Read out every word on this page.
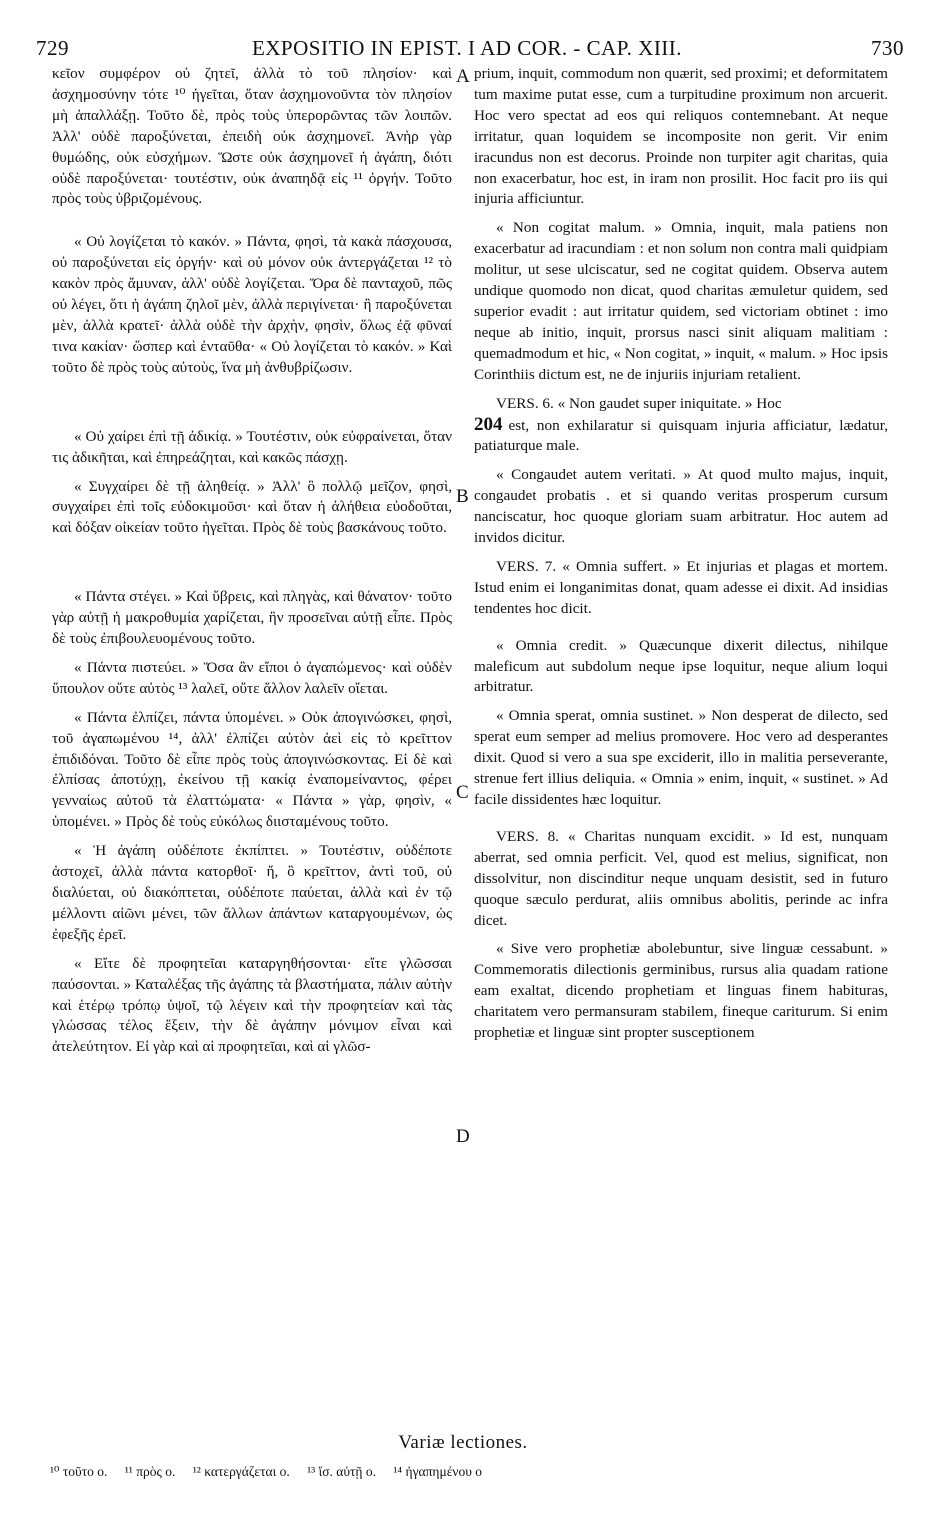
729	EXPOSITIO IN EPIST. I AD COR. - CAP. XIII.	730

κεῖον συμφέρον οὐ ζητεῖ, ἀλλὰ τὸ τοῦ πλησίον· καὶ ἀσχημοσύνην τότε ¹⁰ ἡγεῖται, ὅταν ἀσχημονοῦντα τὸν πλησίον μὴ ἀπαλλάξῃ. Τοῦτο δὲ, πρὸς τοὺς ὑπερορῶντας τῶν λοιπῶν. Ἀλλ' οὐδὲ παροξύνεται, ἐπειδὴ οὐκ ἀσχημονεῖ. Ἀνὴρ γὰρ θυμώδης, οὐκ εὐσχήμων. Ὥστε οὐκ ἀσχημονεῖ ἡ ἀγάπη, διότι οὐδὲ παροξύνεται· τουτέστιν, οὐκ ἀναπηδᾷ εἰς ¹¹ ὀργήν. Τοῦτο πρὸς τοὺς ὑβριζομένους.

« Οὐ λογίζεται τὸ κακόν. » Πάντα, φησὶ, τὰ κακὰ πάσχουσα, οὐ παροξύνεται εἰς ὀργήν· καὶ οὐ μόνον οὐκ ἀντεργάζεται ¹² τὸ κακὸν πρὸς ἄμυναν, ἀλλ' οὐδὲ λογίζεται. Ὅρα δὲ πανταχοῦ, πῶς οὐ λέγει, ὅτι ἡ ἀγάπη ζηλοῖ μὲν, ἀλλὰ περιγίνεται· ἢ παροξύνεται μὲν, ἀλλὰ κρατεῖ· ἀλλὰ οὐδὲ τὴν ἀρχὴν, φησὶν, ὅλως ἐᾷ φῦναί τινα κακίαν· ὥσπερ καὶ ἐνταῦθα· « Οὐ λογίζεται τὸ κακόν. » Καὶ τοῦτο δὲ πρὸς τοὺς αὐτοὺς, ἵνα μὴ ἀνθυβρίζωσιν.

« Οὐ χαίρει ἐπὶ τῇ ἀδικίᾳ. » Τουτέστιν, οὐκ εὐφραίνεται, ὅταν τις ἀδικῆται, καὶ ἐπηρεάζηται, καὶ κακῶς πάσχῃ.

« Συγχαίρει δὲ τῇ ἀληθείᾳ. » Ἀλλ' ὃ πολλῷ μεῖζον, φησὶ, συγχαίρει ἐπὶ τοῖς εὐδοκιμοῦσι· καὶ ὅταν ἡ ἀλήθεια εὐοδοῦται, καὶ δόξαν οἰκείαν τοῦτο ἡγεῖται. Πρὸς δὲ τοὺς βασκάνους τοῦτο.

« Πάντα στέγει. » Καὶ ὕβρεις, καὶ πληγὰς, καὶ θάνατον· τοῦτο γὰρ αὐτῇ ἡ μακροθυμία χαρίζεται, ἣν προσεῖναι αὐτῇ εἶπε. Πρὸς δὲ τοὺς ἐπιβουλευομένους τοῦτο.

« Πάντα πιστεύει. » Ὅσα ἂν εἴποι ὁ ἀγαπώμενος· καὶ οὐδὲν ὕπουλον οὔτε αὐτὸς ¹³ λαλεῖ, οὔτε ἄλλον λαλεῖν οἴεται.

« Πάντα ἐλπίζει, πάντα ὑπομένει. » Οὐκ ἀπογινώσκει, φησὶ, τοῦ ἀγαπωμένου ¹⁴, ἀλλ' ἐλπίζει αὐτὸν ἀεὶ εἰς τὸ κρεῖττον ἐπιδιδόναι. Τοῦτο δὲ εἶπε πρὸς τοὺς ἀπογινώσκοντας. Εἰ δὲ καὶ ἐλπίσας ἀποτύχῃ, ἐκείνου τῇ κακίᾳ ἐναπομείναντος, φέρει γενναίως αὐτοῦ τὰ ἐλαττώματα· « Πάντα » γὰρ, φησὶν, « ὑπομένει. » Πρὸς δὲ τοὺς εὐκόλως διισταμένους τοῦτο.

« Ἡ ἀγάπη οὐδέποτε ἐκπίπτει. » Τουτέστιν, οὐδέποτε ἀστοχεῖ, ἀλλὰ πάντα κατορθοῖ· ἤ, ὃ κρεῖττον, ἀντὶ τοῦ, οὐ διαλύεται, οὐ διακόπτεται, οὐδέποτε παύεται, ἀλλὰ καὶ ἐν τῷ μέλλοντι αἰῶνι μένει, τῶν ἄλλων ἁπάντων καταργουμένων, ὡς ἐφεξῆς ἐρεῖ.

« Εἴτε δὲ προφητεῖαι καταργηθήσονται· εἴτε γλῶσσαι παύσονται. » Καταλέξας τῆς ἀγάπης τὰ βλαστήματα, πάλιν αὐτὴν καὶ ἑτέρῳ τρόπῳ ὑψοῖ, τῷ λέγειν καὶ τὴν προφητείαν καὶ τὰς γλώσσας τέλος ἕξειν, τὴν δὲ ἀγάπην μόνιμον εἶναι καὶ ἀτελεύτητον. Εἰ γὰρ καὶ αἱ προφητεῖαι, καὶ αἱ γλῶσ-

A
B
C
D

prium, inquit, commodum non quærit, sed proximi; et deformitatem tum maxime putat esse, cum a turpitudine proximum non arcuerit. Hoc vero spectat ad eos qui reliquos contemnebant. At neque irritatur, quan loquidem se incomposite non gerit. Vir enim iracundus non est decorus. Proinde non turpiter agit charitas, quia non exacerbatur, hoc est, in iram non prosilit. Hoc facit pro iis qui injuria afficiuntur.

« Non cogitat malum. » Omnia, inquit, mala patiens non exacerbatur ad iracundiam : et non solum non contra mali quidpiam molitur, ut sese ulciscatur, sed ne cogitat quidem. Observa autem undique quomodo non dicat, quod charitas æmuletur quidem, sed superior evadit : aut irritatur quidem, sed victoriam obtinet : imo neque ab initio, inquit, prorsus nasci sinit aliquam malitiam : quemadmodum et hic, « Non cogitat, » inquit, « malum. » Hoc ipsis Corinthiis dictum est, ne de injuriis injuriam retalient.

VERS. 6. « Non gaudet super iniquitate. » Hoc

204 est, non exhilaratur si quisquam injuria afficiatur, lædatur, patiaturque male.

« Congaudet autem veritati. » At quod multo majus, inquit, congaudet probatis . et si quando veritas prosperum cursum nanciscatur, hoc quoque gloriam suam arbitratur. Hoc autem ad invidos dicitur.

VERS. 7. « Omnia suffert. » Et injurias et plagas et mortem. Istud enim ei longanimitas donat, quam adesse ei dixit. Ad insidias tendentes hoc dicit.

« Omnia credit. » Quæcunque dixerit dilectus, nihilque maleficum aut subdolum neque ipse loquitur, neque alium loqui arbitratur.

« Omnia sperat, omnia sustinet. » Non desperat de dilecto, sed sperat eum semper ad melius promovere. Hoc vero ad desperantes dixit. Quod si vero a sua spe exciderit, illo in malitia perseverante, strenue fert illius deliquia. « Omnia » enim, inquit, « sustinet. » Ad facile dissidentes hæc loquitur.

VERS. 8. « Charitas nunquam excidit. » Id est, nunquam aberrat, sed omnia perficit. Vel, quod est melius, significat, non dissolvitur, non discinditur neque unquam desistit, sed in futuro quoque sæculo perdurat, aliis omnibus abolitis, perinde ac infra dicet.

« Sive vero prophetiæ abolebuntur, sive linguæ cessabunt. » Commemoratis dilectionis germinibus, rursus alia quadam ratione eam exaltat, dicendo prophetiam et linguas finem habituras, charitatem vero permansuram stabilem, fineque cariturum. Si enim prophetiæ et linguæ sint propter susceptionem

Variæ lectiones.
¹⁰ τοῦτο ο. ¹¹ πρὸς ο. ¹² κατεργάζεται ο. ¹³ ἴσ. αὐτῇ ο. ¹⁴ ἠγαπημένου ο
